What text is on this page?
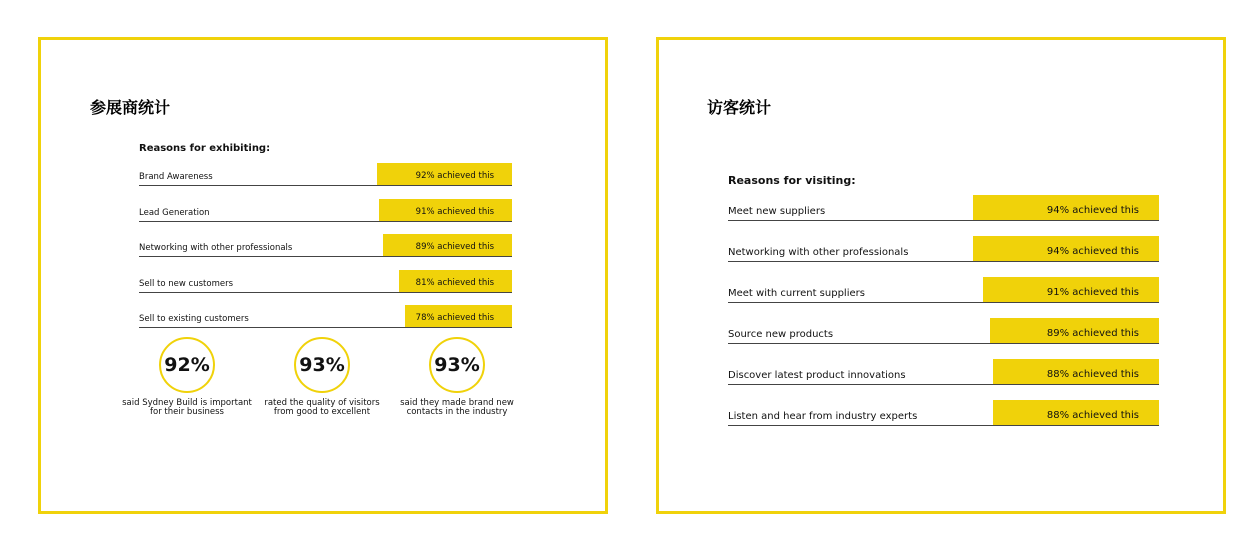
参展商统计
Reasons for exhibiting:
Brand Awareness	92% achieved this
Lead Generation	91% achieved this
Networking with other professionals	89% achieved this
Sell to new customers	81% achieved this
Sell to existing customers	78% achieved this
92%
said Sydney Build is important for their business
93%
rated the quality of visitors from good to excellent
93%
said they made brand new contacts in the industry
访客统计
Reasons for visiting:
Meet new suppliers	94% achieved this
Networking with other professionals	94% achieved this
Meet with current suppliers	91% achieved this
Source new products	89% achieved this
Discover latest product innovations	88% achieved this
Listen and hear from industry experts	88% achieved this
